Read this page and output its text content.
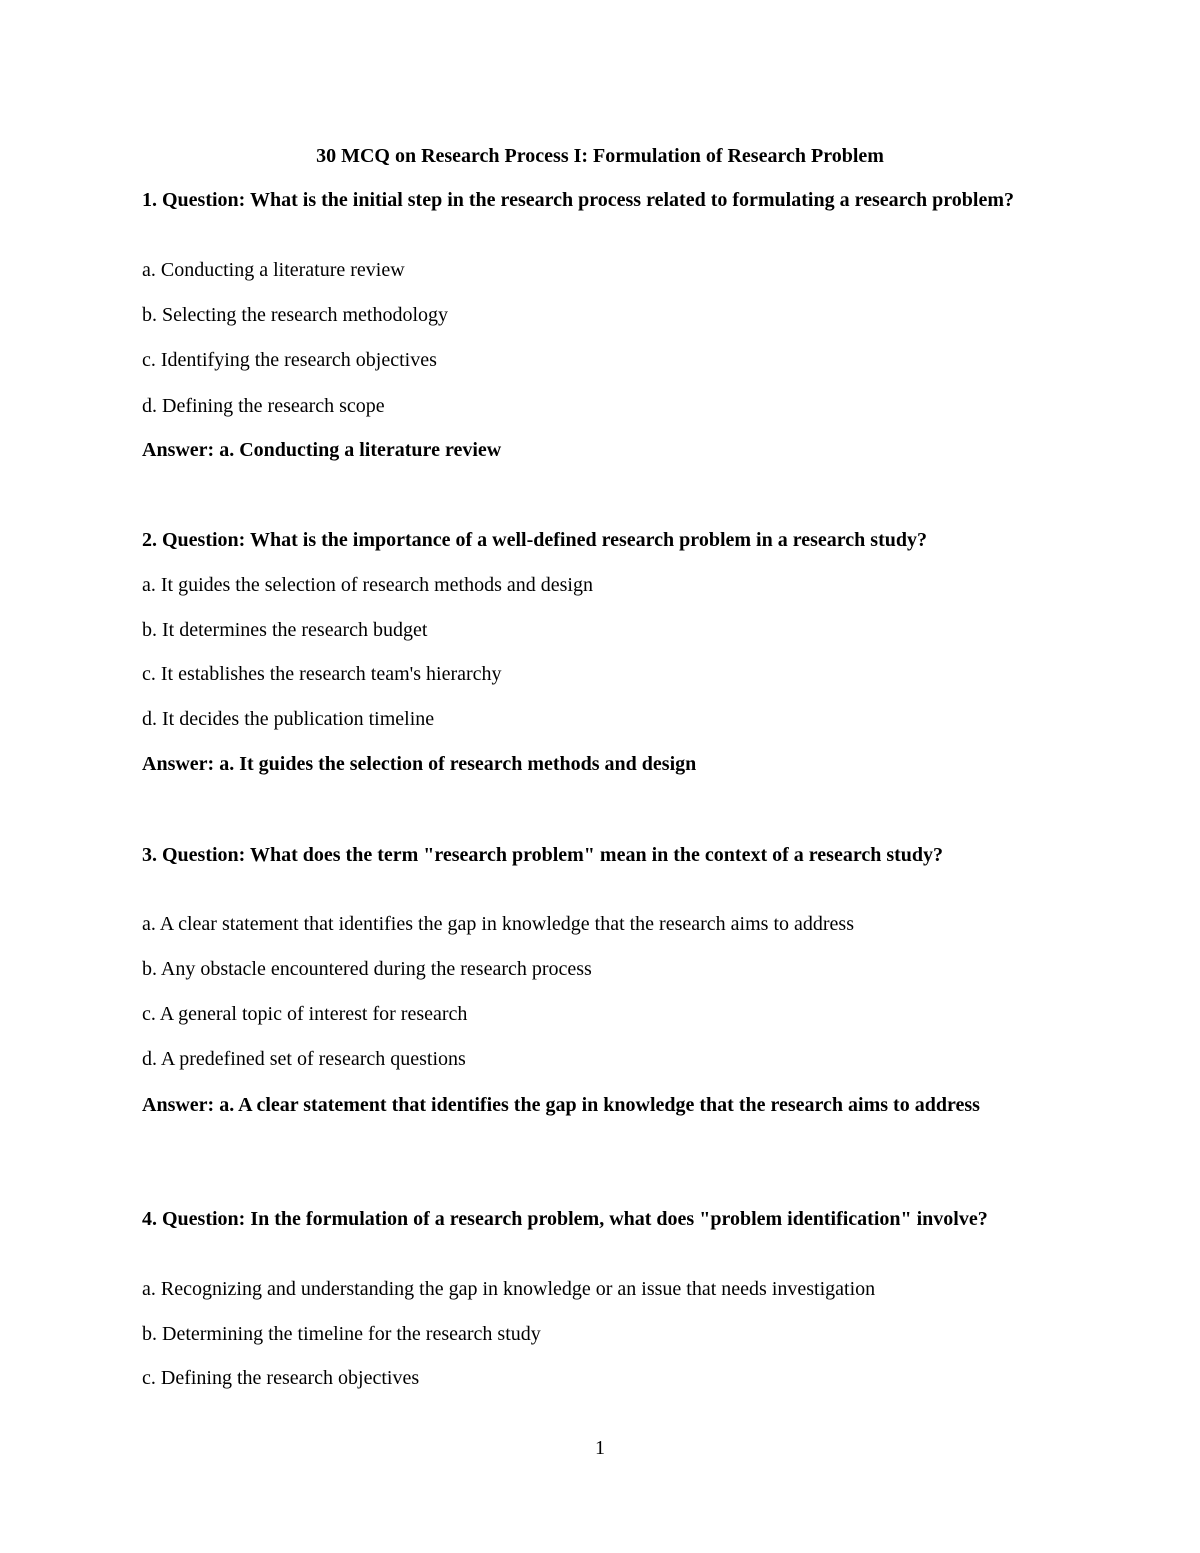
30 MCQ on Research Process I: Formulation of Research Problem
1. Question: What is the initial step in the research process related to formulating a research problem?
a. Conducting a literature review
b. Selecting the research methodology
c. Identifying the research objectives
d. Defining the research scope
Answer: a. Conducting a literature review
2. Question: What is the importance of a well-defined research problem in a research study?
a. It guides the selection of research methods and design
b. It determines the research budget
c. It establishes the research team's hierarchy
d. It decides the publication timeline
Answer: a. It guides the selection of research methods and design
3. Question: What does the term "research problem" mean in the context of a research study?
a. A clear statement that identifies the gap in knowledge that the research aims to address
b. Any obstacle encountered during the research process
c. A general topic of interest for research
d. A predefined set of research questions
Answer: a. A clear statement that identifies the gap in knowledge that the research aims to address
4. Question: In the formulation of a research problem, what does "problem identification" involve?
a. Recognizing and understanding the gap in knowledge or an issue that needs investigation
b. Determining the timeline for the research study
c. Defining the research objectives
1
